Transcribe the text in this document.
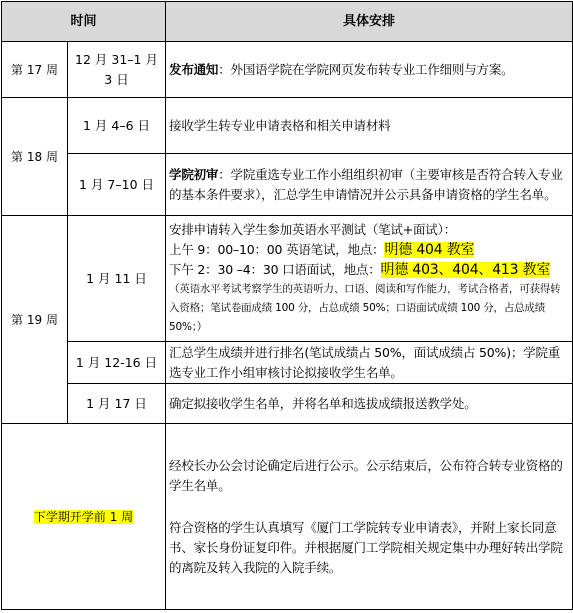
时间		具体安排
第 17 周	12 月 31–1 月 3 日	发布通知：外国语学院在学院网页发布转专业工作细则与方案。
第 18 周	1 月 4–6 日	接收学生转专业申请表格和相关申请材料
	1 月 7–10 日	学院初审：学院重选专业工作小组组织初审（主要审核是否符合转入专业的基本条件要求），汇总学生申请情况并公示具备申请资格的学生名单。
第 19 周	1 月 11 日	安排申请转入学生参加英语水平测试（笔试+面试）：
上午 9：00–10：00 英语笔试，地点：明德 404 教室
下午 2：30 –4：30 口语面试，地点：明德 403、404、413 教室
（英语水平考试考察学生的英语听力、口语、阅读和写作能力，考试合格者，可获得转入资格；笔试卷面成绩 100 分，占总成绩 50%；口语面试成绩 100 分，占总成绩 50%；）

	1 月 12-16 日	汇总学生成绩并进行排名(笔试成绩占 50%，面试成绩占 50%)；学院重选专业工作小组审核讨论拟接收学生名单。
	1 月 17 日	确定拟接收学生名单，并将名单和选拔成绩报送教学处。
下学期开学前 1 周		经校长办公会讨论确定后进行公示。公示结束后，公布符合转专业资格的学生名单。
符合资格的学生认真填写《厦门工学院转专业申请表》，并附上家长同意书、家长身份证复印件。并根据厦门工学院相关规定集中办理好转出学院的离院及转入我院的入院手续。
